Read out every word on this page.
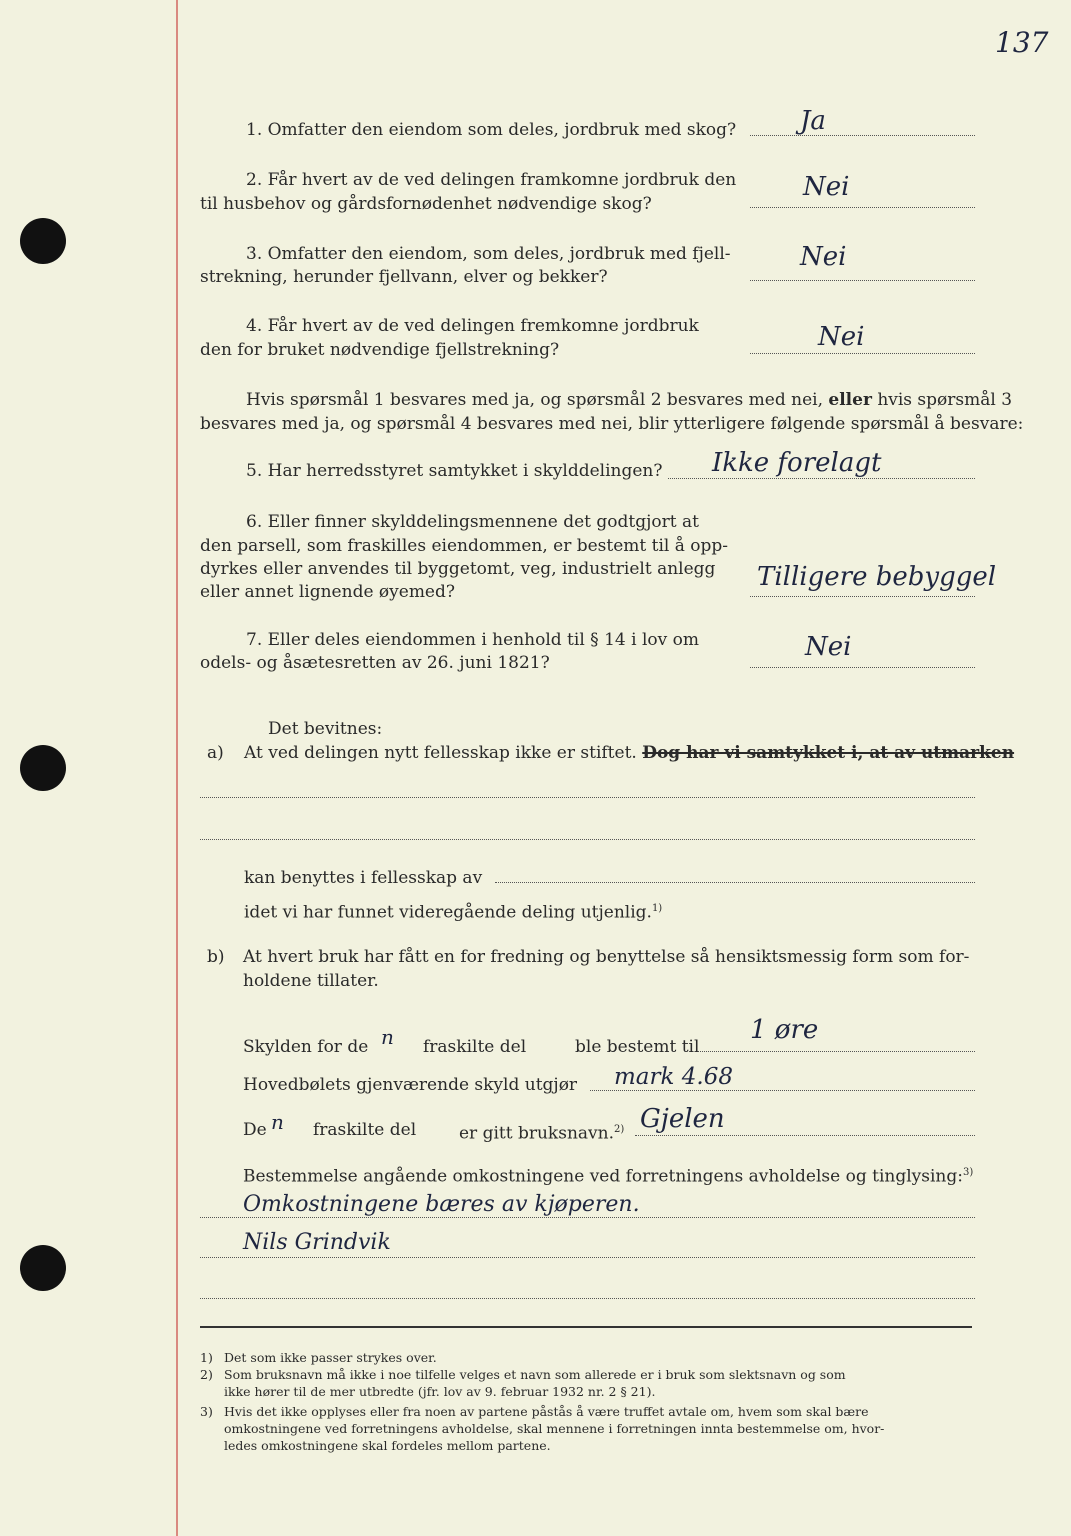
137
1. Omfatter den eiendom som deles, jordbruk med skog? Ja
2. Får hvert av de ved delingen framkomne jordbruk den
til husbehov og gårdsfornødenhet nødvendige skog?
Nei
3. Omfatter den eiendom, som deles, jordbruk med fjell-
strekning, herunder fjellvann, elver og bekker?
Nei
4. Får hvert av de ved delingen fremkomne jordbruk
den for bruket nødvendige fjellstrekning?	Nei
Hvis spørsmål 1 besvares med ja, og spørsmål 2 besvares med nei, eller hvis spørsmål 3
besvares med ja, og spørsmål 4 besvares med nei, blir ytterligere følgende spørsmål å besvare:
5. Har herredsstyret samtykket i skylddelingen? Ikke forelagt
6. Eller finner skylddelingsmennene det godtgjort at
den parsell, som fraskilles eiendommen, er bestemt til å opp-
dyrkes eller anvendes til byggetomt, veg, industrielt anlegg
eller annet lignende øyemed?	Tilligere bebyggel
7. Eller deles eiendommen i henhold til § 14 i lov om
odels- og åsætesretten av 26. juni 1821?
Nei
Det bevitnes:
a) At ved delingen nytt fellesskap ikke er stiftet. Dog har vi samtykket i, at av utmarken
kan benyttes i fellesskap av
idet vi har funnet videregående deling utjenlig.$^{1)}$
b) At hvert bruk har fått en for fredning og benyttelse så hensiktsmessig form som for-
holdene tillater.
Skylden for de n fraskilte del	ble bestemt til
1 øre
Hovedbølets gjenværende skyld utgjør mark 4.68
De n fraskilte del	er gitt bruksnavn.$^{2)}$ Gjelen
Bestemmelse angående omkostningene ved forretningens avholdelse og tinglysing:$^{3)}$
Omkostningene bæres av kjøperen.
Nils Grindvik
1) Det som ikke passer strykes over.
2) Som bruksnavn må ikke i noe tilfelle velges et navn som allerede er i bruk som slektsnavn og som
ikke hører til de mer utbredte (jfr. lov av 9. februar 1932 nr. 2 § 21).
3) Hvis det ikke opplyses eller fra noen av partene påstås å være truffet avtale om, hvem som skal bære
omkostningene ved forretningens avholdelse, skal mennene i forretningen innta bestemmelse om, hvor-
ledes omkostningene skal fordeles mellom partene.
